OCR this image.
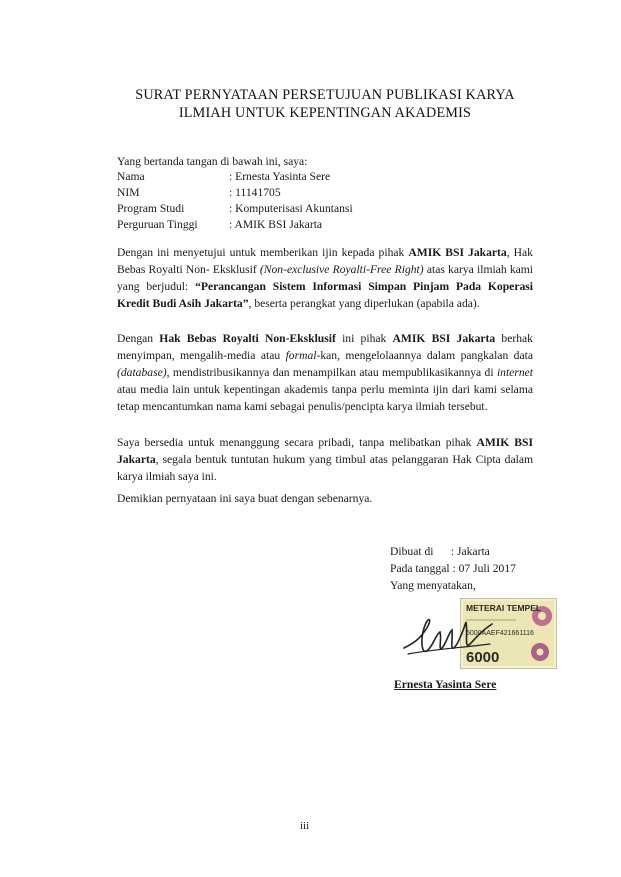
SURAT PERNYATAAN PERSETUJUAN PUBLIKASI KARYA
ILMIAH UNTUK KEPENTINGAN AKADEMIS
Yang bertanda tangan di bawah ini, saya:
Nama	: Ernesta Yasinta Sere
NIM	: 11141705
Program Studi	: Komputerisasi Akuntansi
Perguruan Tinggi	: AMIK BSI Jakarta
Dengan ini menyetujui untuk memberikan ijin kepada pihak AMIK BSI Jakarta, Hak Bebas Royalti Non- Eksklusif (Non-exclusive Royalti-Free Right) atas karya ilmiah kami yang berjudul: “Perancangan Sistem Informasi Simpan Pinjam Pada Koperasi Kredit Budi Asih Jakarta”, beserta perangkat yang diperlukan (apabila ada).
Dengan Hak Bebas Royalti Non-Eksklusif ini pihak AMIK BSI Jakarta berhak menyimpan, mengalih-media atau formal-kan, mengelolaannya dalam pangkalan data (database), mendistribusikannya dan menampilkan atau mempublikasikannya di internet atau media lain untuk kepentingan akademis tanpa perlu meminta ijin dari kami selama tetap mencantumkan nama kami sebagai penulis/pencipta karya ilmiah tersebut.
Saya bersedia untuk menanggung secara pribadi, tanpa melibatkan pihak AMIK BSI Jakarta, segala bentuk tuntutan hukum yang timbul atas pelanggaran Hak Cipta dalam karya ilmiah saya ini.
Demikian pernyataan ini saya buat dengan sebenarnya.
Dibuat di      : Jakarta
Pada tanggal : 07 Juli 2017
Yang menyatakan,
METERAI TEMPEL
6000AAEF421661116
6000
Ernesta Yasinta Sere
iii
